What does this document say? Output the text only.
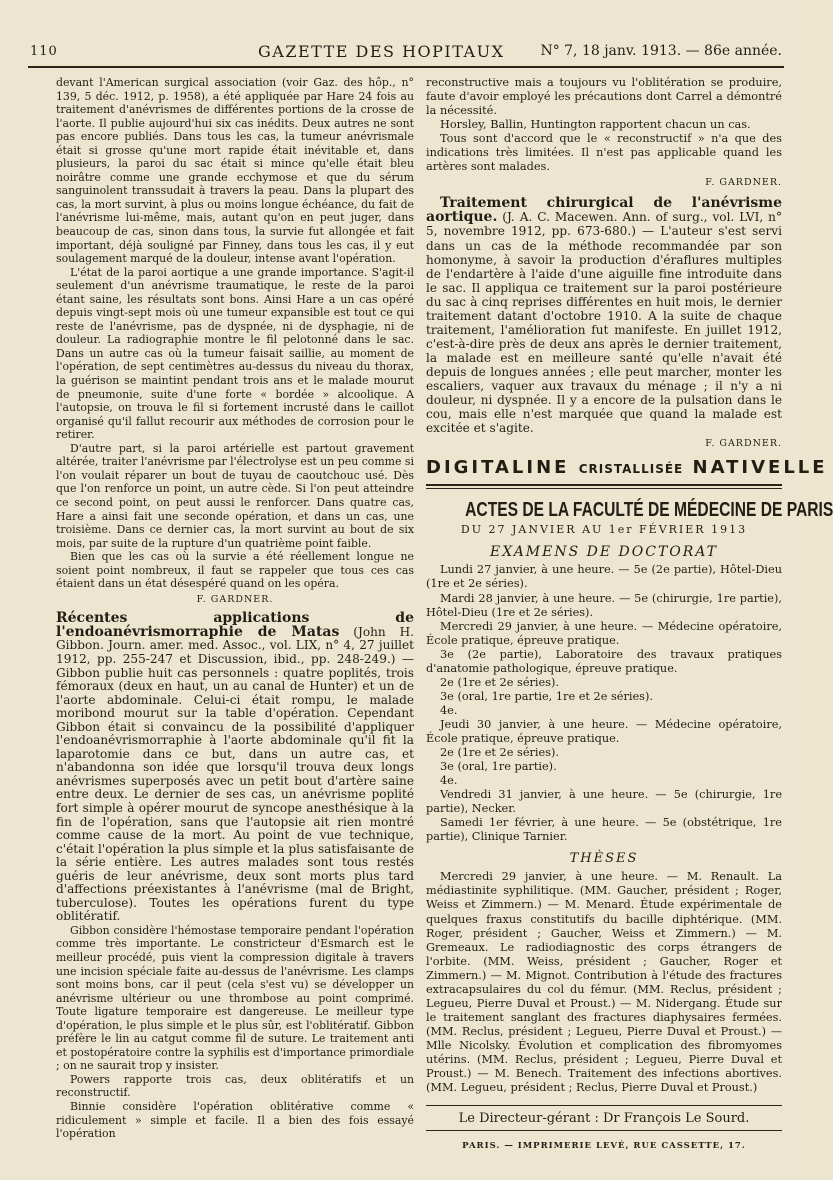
110	GAZETTE DES HOPITAUX	N° 7, 18 janv. 1913. — 86e année.

devant l'American surgical association (voir Gaz. des hôp., n° 139, 5 déc. 1912, p. 1958), a été appliquée par Hare 24 fois au traitement d'anévrismes de différentes portions de la crosse de l'aorte. Il publie aujourd'hui six cas inédits. Deux autres ne sont pas encore publiés. Dans tous les cas, la tumeur anévrismale était si grosse qu'une mort rapide était inévitable et, dans plusieurs, la paroi du sac était si mince qu'elle était bleu noirâtre comme une grande ecchymose et que du sérum sanguinolent transsudait à travers la peau. Dans la plupart des cas, la mort survint, à plus ou moins longue échéance, du fait de l'anévrisme lui-même, mais, autant qu'on en peut juger, dans beaucoup de cas, sinon dans tous, la survie fut allongée et fait important, déjà souligné par Finney, dans tous les cas, il y eut soulagement marqué de la douleur, intense avant l'opération.

L'état de la paroi aortique a une grande importance. S'agit-il seulement d'un anévrisme traumatique, le reste de la paroi étant saine, les résultats sont bons. Ainsi Hare a un cas opéré depuis vingt-sept mois où une tumeur expansible est tout ce qui reste de l'anévrisme, pas de dyspnée, ni de dysphagie, ni de douleur. La radiographie montre le fil pelotonné dans le sac. Dans un autre cas où la tumeur faisait saillie, au moment de l'opération, de sept centimètres au-dessus du niveau du thorax, la guérison se maintint pendant trois ans et le malade mourut de pneumonie, suite d'une forte « bordée » alcoolique. A l'autopsie, on trouva le fil si fortement incrusté dans le caillot organisé qu'il fallut recourir aux méthodes de corrosion pour le retirer.

D'autre part, si la paroi artérielle est partout gravement altérée, traiter l'anévrisme par l'électrolyse est un peu comme si l'on voulait réparer un bout de tuyau de caoutchouc usé. Dès que l'on renforce un point, un autre cède. Si l'on peut atteindre ce second point, on peut aussi le renforcer. Dans quatre cas, Hare a ainsi fait une seconde opération, et dans un cas, une troisième. Dans ce dernier cas, la mort survint au bout de six mois, par suite de la rupture d'un quatrième point faible.

Bien que les cas où la survie a été réellement longue ne soient point nombreux, il faut se rappeler que tous ces cas étaient dans un état désespéré quand on les opéra.

F. GARDNER.
Récentes applications de l'endoanévrismorraphie de Matas (John H. Gibbon. Journ. amer. med. Assoc., vol. LIX, n° 4, 27 juillet 1912, pp. 255-247 et Discussion, ibid., pp. 248-249.) — Gibbon publie huit cas personnels : quatre poplités, trois fémoraux (deux en haut, un au canal de Hunter) et un de l'aorte abdominale. Celui-ci était rompu, le malade moribond mourut sur la table d'opération. Cependant Gibbon était si convaincu de la possibilité d'appliquer l'endoanévrismorraphie à l'aorte abdominale qu'il fit la laparotomie dans ce but, dans un autre cas, et n'abandonna son idée que lorsqu'il trouva deux longs anévrismes superposés avec un petit bout d'artère saine entre deux. Le dernier de ses cas, un anévrisme poplité fort simple à opérer mourut de syncope anesthésique à la fin de l'opération, sans que l'autopsie ait rien montré comme cause de la mort. Au point de vue technique, c'était l'opération la plus simple et la plus satisfaisante de la série entière. Les autres malades sont tous restés guéris de leur anévrisme, deux sont morts plus tard d'affections préexistantes à l'anévrisme (mal de Bright, tuberculose). Toutes les opérations furent du type oblitératif.

Gibbon considère l'hémostase temporaire pendant l'opération comme très importante. Le constricteur d'Esmarch est le meilleur procédé, puis vient la compression digitale à travers une incision spéciale faite au-dessus de l'anévrisme. Les clamps sont moins bons, car il peut (cela s'est vu) se développer un anévrisme ultérieur ou une thrombose au point comprimé. Toute ligature temporaire est dangereuse. Le meilleur type d'opération, le plus simple et le plus sûr, est l'oblitératif. Gibbon préfère le lin au catgut comme fil de suture. Le traitement anti et postopératoire contre la syphilis est d'importance primordiale ; on ne saurait trop y insister.

Powers rapporte trois cas, deux oblitératifs et un reconstructif.

Binnie considère l'opération oblitérative comme « ridiculement » simple et facile. Il a bien des fois essayé l'opération

reconstructive mais a toujours vu l'oblitération se produire, faute d'avoir employé les précautions dont Carrel a démontré la nécessité.

Horsley, Ballin, Huntington rapportent chacun un cas.

Tous sont d'accord que le « reconstructif » n'a que des indications très limitées. Il n'est pas applicable quand les artères sont malades.

F. GARDNER.

Traitement chirurgical de l'anévrisme aortique. (J. A. C. Macewen. Ann. of surg., vol. LVI, n° 5, novembre 1912, pp. 673-680.) — L'auteur s'est servi dans un cas de la méthode recommandée par son homonyme, à savoir la production d'éraflures multiples de l'endartère à l'aide d'une aiguille fine introduite dans le sac. Il appliqua ce traitement sur la paroi postérieure du sac à cinq reprises différentes en huit mois, le dernier traitement datant d'octobre 1910. A la suite de chaque traitement, l'amélioration fut manifeste. En juillet 1912, c'est-à-dire près de deux ans après le dernier traitement, la malade est en meilleure santé qu'elle n'avait été depuis de longues années ; elle peut marcher, monter les escaliers, vaquer aux travaux du ménage ; il n'y a ni douleur, ni dyspnée. Il y a encore de la pulsation dans le cou, mais elle n'est marquée que quand la malade est excitée et s'agite.

F. GARDNER.
DIGITALINE CRISTALLISÉE NATIVELLE
ACTES DE LA FACULTÉ DE MÉDECINE DE PARIS
DU 27 JANVIER AU 1er FÉVRIER 1913
EXAMENS DE DOCTORAT

Lundi 27 janvier, à une heure. — 5e (2e partie), Hôtel-Dieu (1re et 2e séries).

Mardi 28 janvier, à une heure. — 5e (chirurgie, 1re partie), Hôtel-Dieu (1re et 2e séries).

Mercredi 29 janvier, à une heure. — Médecine opératoire, École pratique, épreuve pratique.

3e (2e partie), Laboratoire des travaux pratiques d'anatomie pathologique, épreuve pratique.

2e (1re et 2e séries).

3e (oral, 1re partie, 1re et 2e séries).

4e.

Jeudi 30 janvier, à une heure. — Médecine opératoire, École pratique, épreuve pratique.

2e (1re et 2e séries).

3e (oral, 1re partie).

4e.

Vendredi 31 janvier, à une heure. — 5e (chirurgie, 1re partie), Necker.

Samedi 1er février, à une heure. — 5e (obstétrique, 1re partie), Clinique Tarnier.

THÈSES

Mercredi 29 janvier, à une heure. — M. Renault. La médiastinite syphilitique. (MM. Gaucher, président ; Roger, Weiss et Zimmern.) — M. Menard. Étude expérimentale de quelques fraxus constitutifs du bacille diphtérique. (MM. Roger, président ; Gaucher, Weiss et Zimmern.) — M. Gremeaux. Le radiodiagnostic des corps étrangers de l'orbite. (MM. Weiss, président ; Gaucher, Roger et Zimmern.) — M. Mignot. Contribution à l'étude des fractures extracapsulaires du col du fémur. (MM. Reclus, président ; Legueu, Pierre Duval et Proust.) — M. Nidergang. Étude sur le traitement sanglant des fractures diaphysaires fermées. (MM. Reclus, président ; Legueu, Pierre Duval et Proust.) — Mlle Nicolsky. Évolution et complication des fibromyomes utérins. (MM. Reclus, président ; Legueu, Pierre Duval et Proust.) — M. Benech. Traitement des infections abortives. (MM. Legueu, président ; Reclus, Pierre Duval et Proust.)

Le Directeur-gérant : Dr François Le Sourd.
PARIS. — IMPRIMERIE LEVÉ, RUE CASSETTE, 17.
